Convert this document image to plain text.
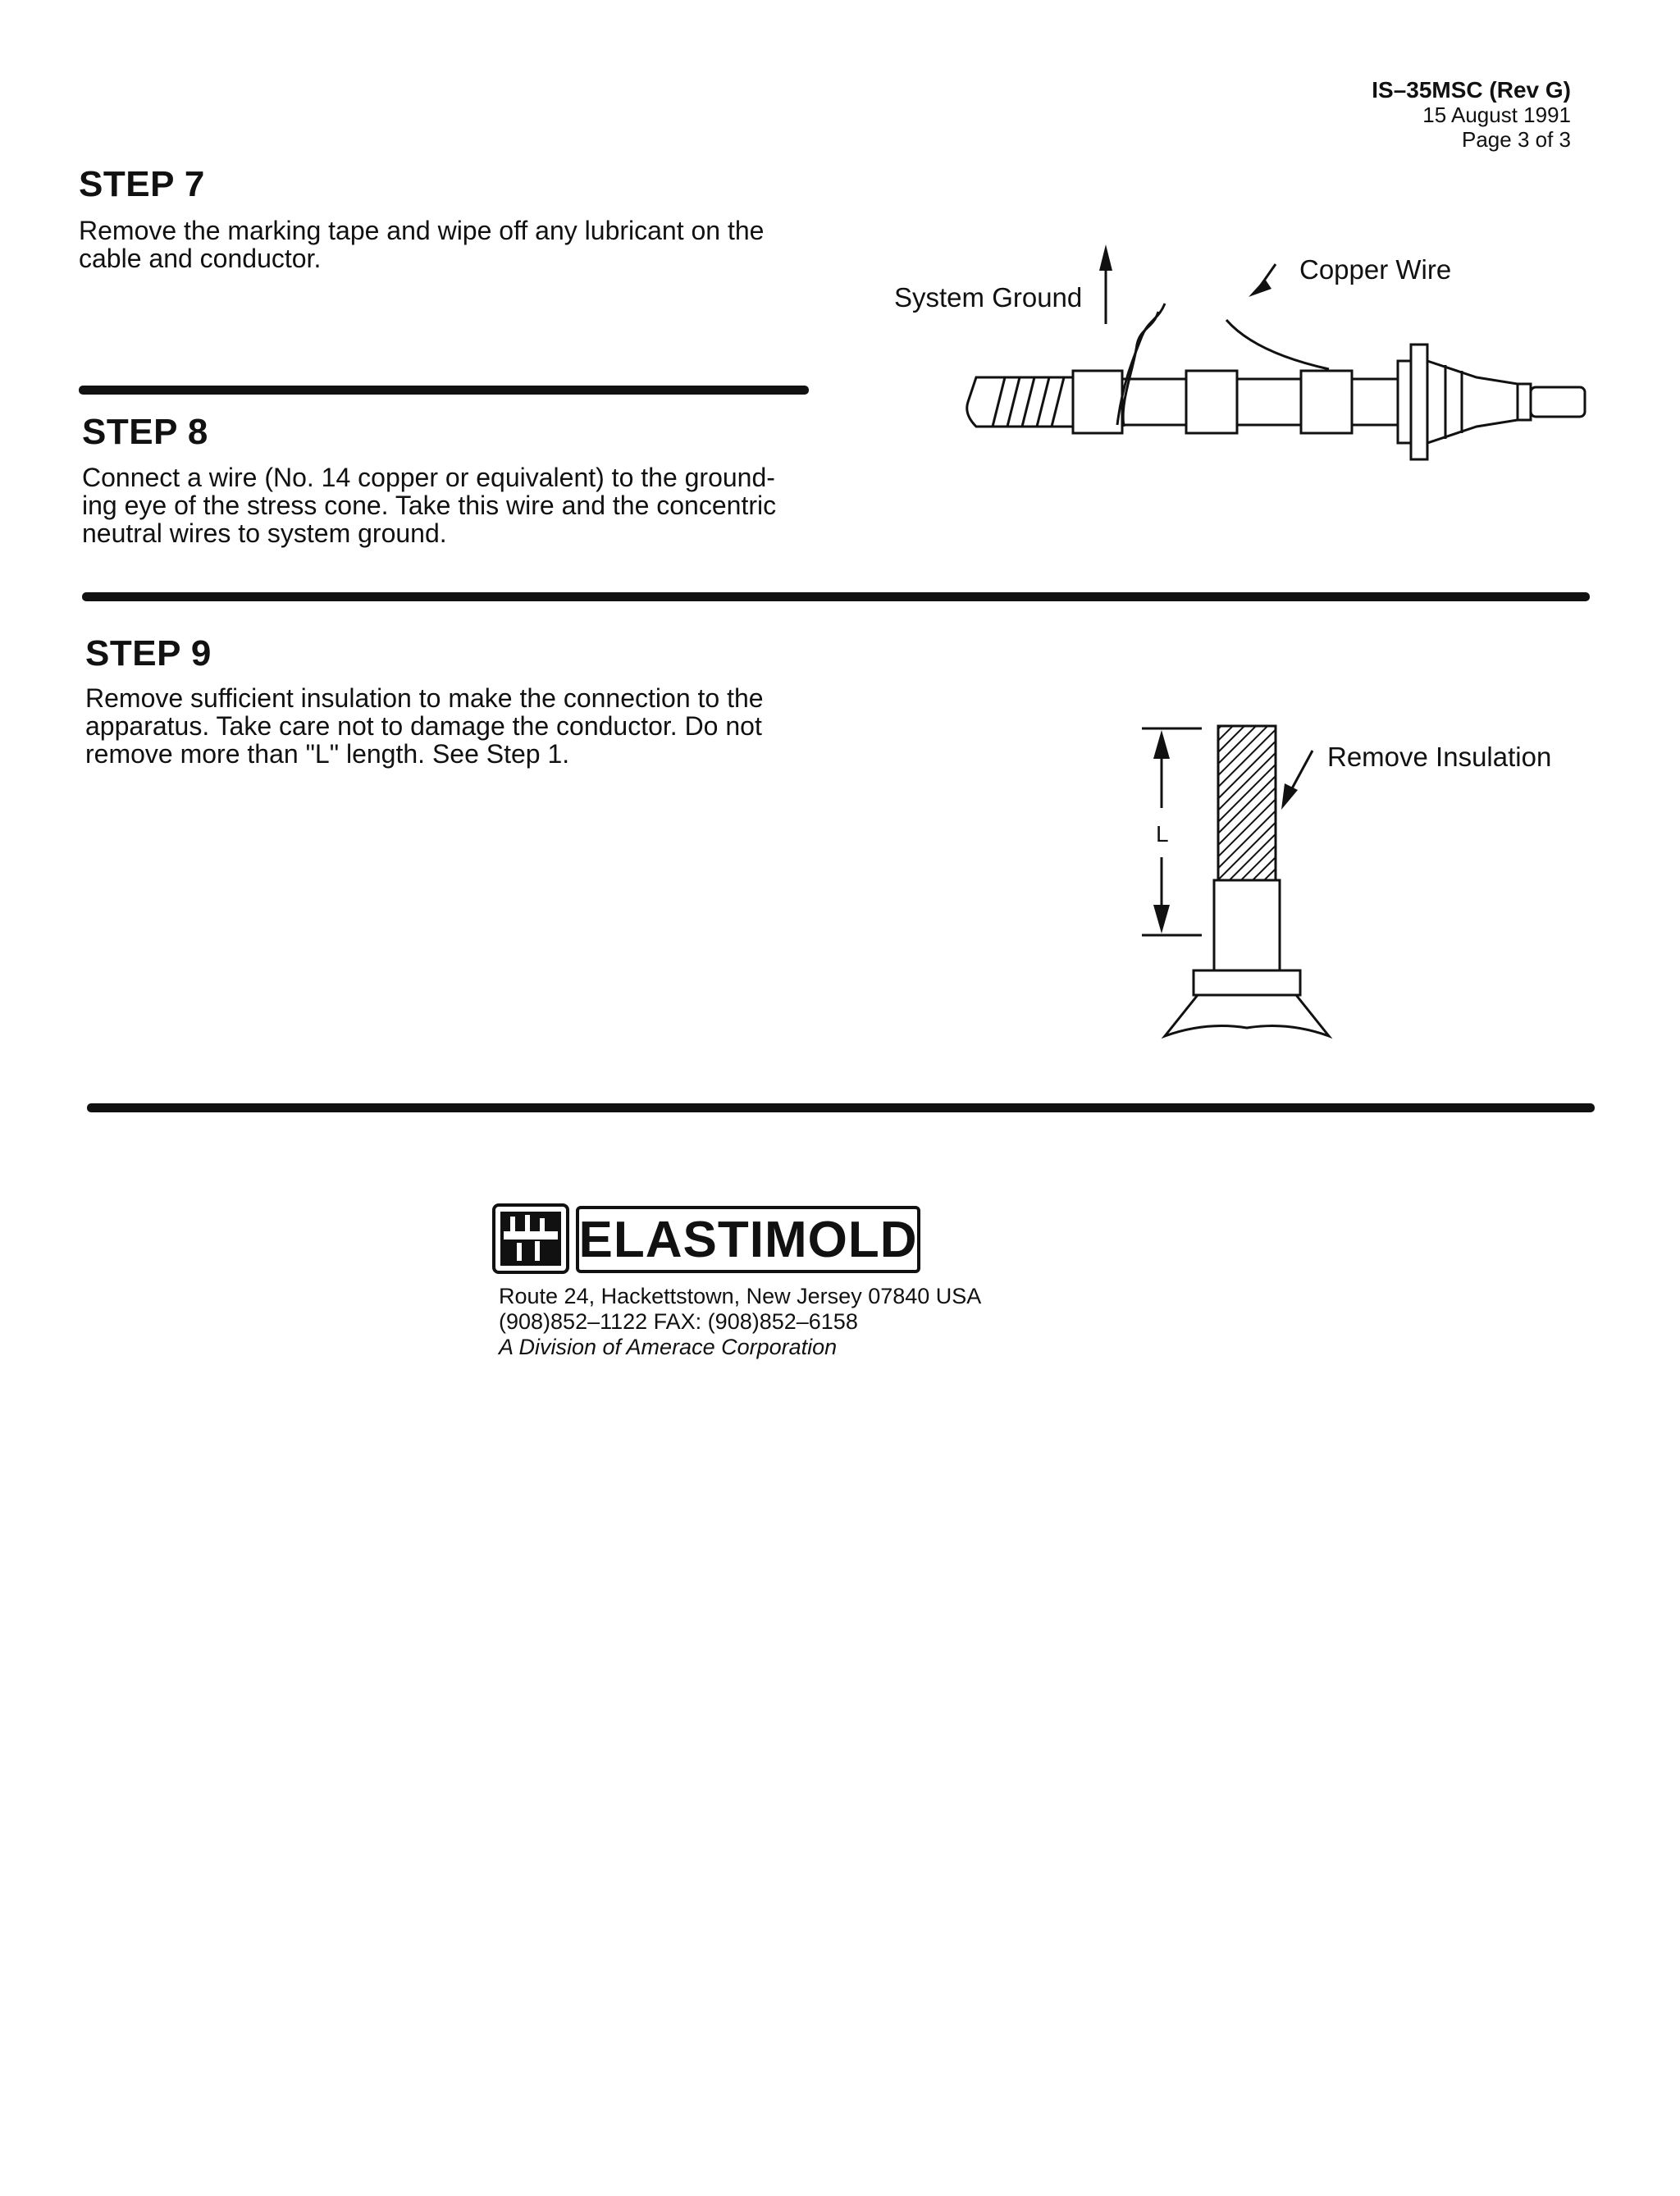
IS–35MSC (Rev G)
15 August 1991
Page 3 of 3
STEP 7
Remove the marking tape and wipe off any lubricant on the
cable and conductor.
STEP 8
Connect a wire (No. 14 copper or equivalent) to the ground-
ing eye of the stress cone. Take this wire and the concentric
neutral wires to system ground.
System Ground
Copper Wire
STEP 9
Remove sufficient insulation to make the connection to the
apparatus. Take care not to damage the conductor. Do not
remove more than "L" length. See Step 1.	Remove Insulation
L
ELASTIMOLD
Route 24, Hackettstown, New Jersey 07840 USA
(908)852–1122 FAX: (908)852–6158
A Division of Amerace Corporation
